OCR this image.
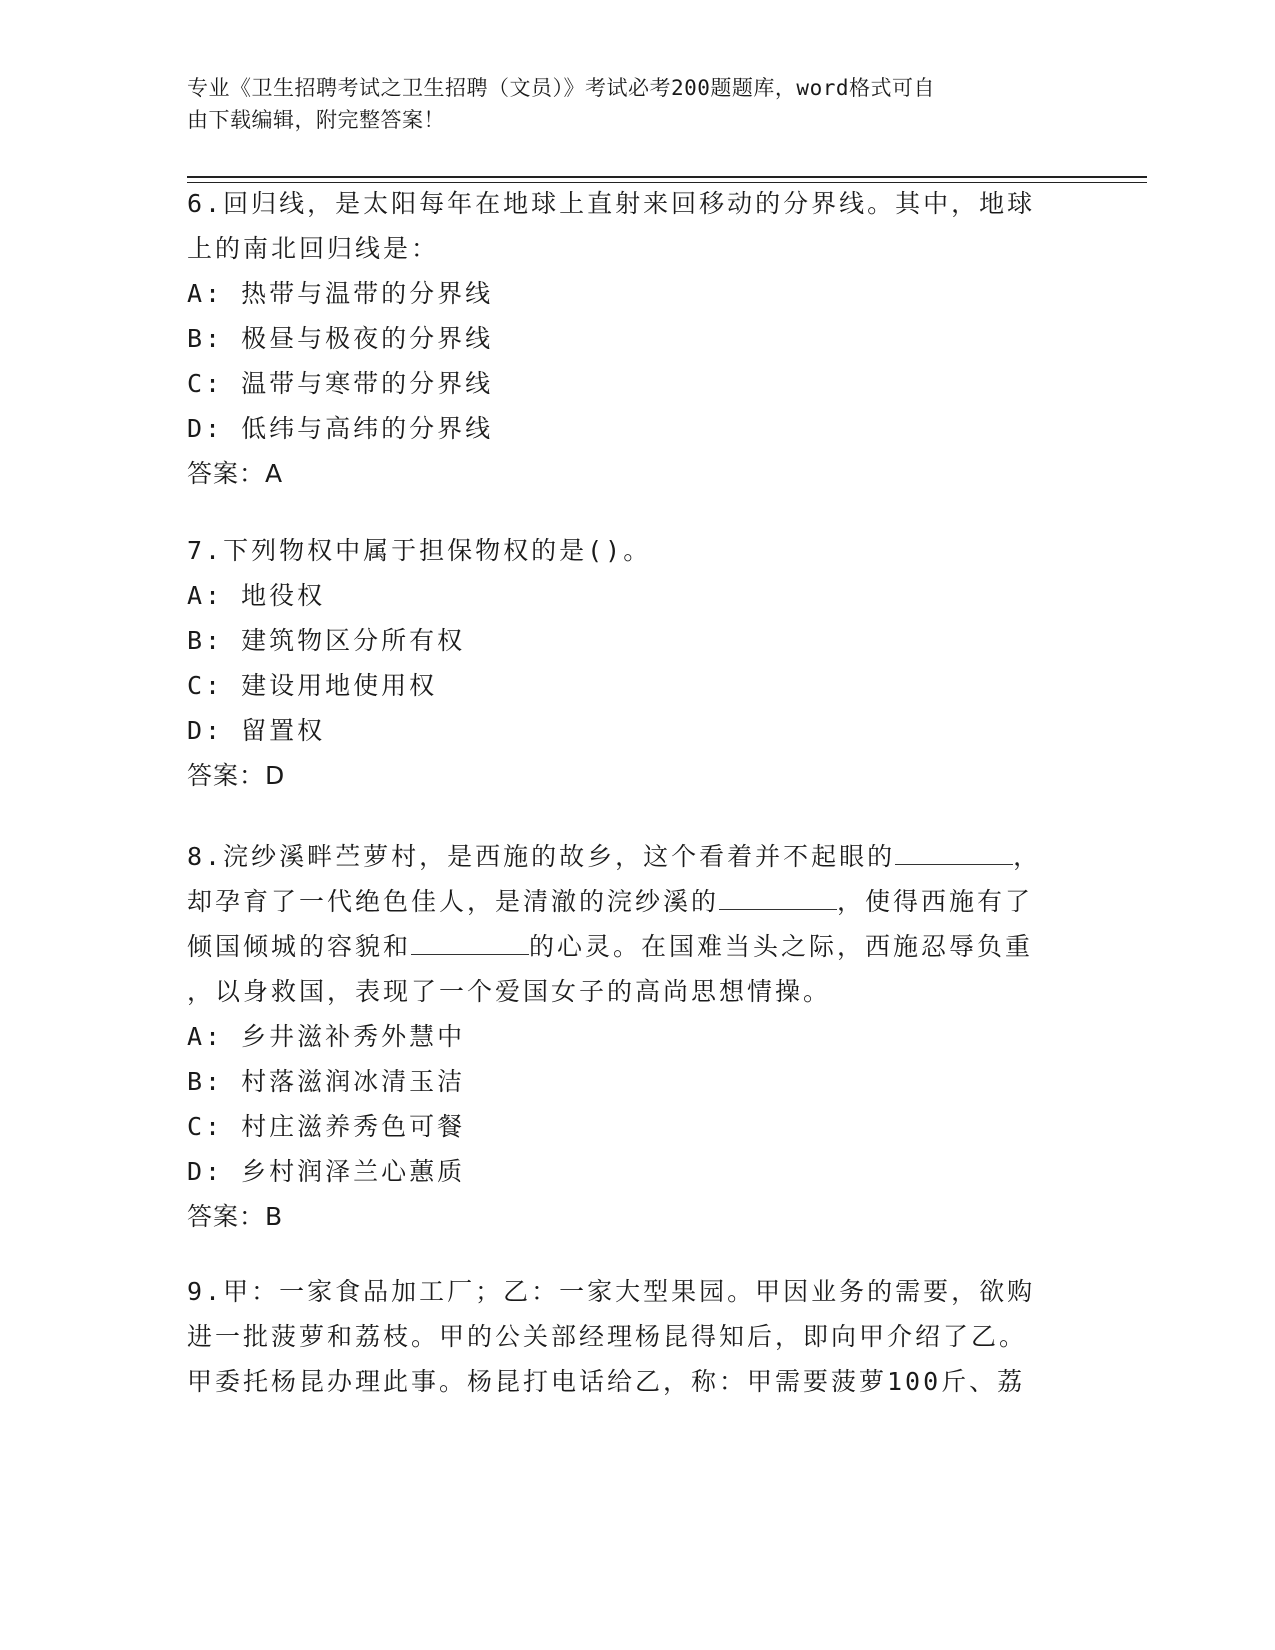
专业《卫生招聘考试之卫生招聘（文员）》考试必考200题题库，word格式可自
由下载编辑，附完整答案！
6.回归线，是太阳每年在地球上直射来回移动的分界线。其中，地球
上的南北回归线是：
A: 热带与温带的分界线
B: 极昼与极夜的分界线
C: 温带与寒带的分界线
D: 低纬与高纬的分界线
答案：A
7.下列物权中属于担保物权的是()。
A: 地役权
B: 建筑物区分所有权
C: 建设用地使用权
D: 留置权
答案：D
8.浣纱溪畔苎萝村，是西施的故乡，这个看着并不起眼的	，
却孕育了一代绝色佳人，是清澈的浣纱溪的	，使得西施有了
倾国倾城的容貌和	的心灵。在国难当头之际，西施忍辱负重
，以身救国，表现了一个爱国女子的高尚思想情操。
A: 乡井滋补秀外慧中
B: 村落滋润冰清玉洁
C: 村庄滋养秀色可餐
D: 乡村润泽兰心蕙质
答案：B
9.甲：一家食品加工厂；乙：一家大型果园。甲因业务的需要，欲购
进一批菠萝和荔枝。甲的公关部经理杨昆得知后，即向甲介绍了乙。
甲委托杨昆办理此事。杨昆打电话给乙，称：甲需要菠萝100斤、荔
